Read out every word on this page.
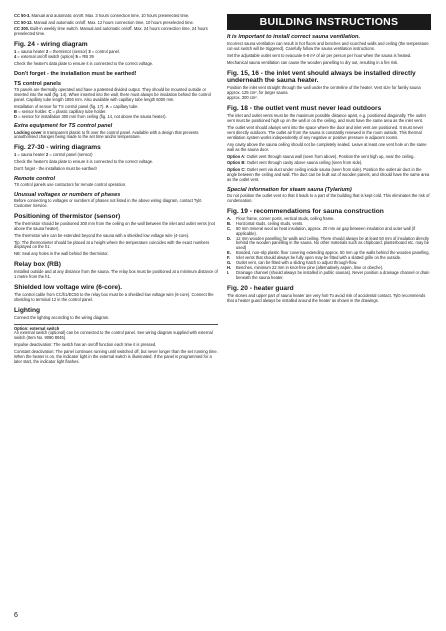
CC 50-3. Manual and automatic on/off. Max. 3 hours connection time, 10 hours preselected time.

CC 50-12. Manual and automatic on/off. Max. 12 hours connection time, 10 hours preselected time.

CC 300. Built-in weekly time switch. Manual and automatic on/off. Max. 24 hours connection time, 24 hours preselected time.

Fig. 24 - wiring diagram

1 = sauna heater 2 = thermistor (sensor) 3 = control panel.

4 = external on/off switch (option) 5 = RB 39

Check the heater's data plate to ensure it is connected to the correct voltage.

Don't forget - the installation must be earthed!
TS control panels

TS panels are thermally operated and have a patented divided output. They should be mounted outside or inserted into the wall (fig. 14). When inserted into the wall, there must always be insulation behind the control panel. Capillary tube length 1850 mm. Also available with capillary tube length 5000 mm.

Installation of sensor for TS control panel (fig. 17). A = capillary tube.

B = sensor holder. C = plastic capillary tube holder.

D = sensor for installation 300 mm from ceiling (fig. 14, not above the sauna heater).

Extra equipment for TS control panel

Locking cover in transparent plastic to fit over the control panel. Available with a design that prevents unauthorised changes being made to the set time and/or temperature.

Fig. 27-30 - wiring diagrams

1 = sauna heater 2 = control panel (sensor)

Check the heater's data plate to ensure it is connected to the correct voltage.

Don't forget - the installation must be earthed!

Remote control

TS control panels use contactors for remote control operation.

Unusual voltages or numbers of phases

Before connecting to voltages or numbers of phases not listed in the above wiring diagram, contact Tylö Customer Service.

Positioning of thermistor (sensor)

The thermistor should be positioned 300 mm from the ceiling on the wall between the inlet and outlet vents (not above the sauna heater).

The thermistor wire can be extended beyond the sauna with a shielded low voltage wire (4-core).

Tip: The thermometer should be placed at a height where the temperature coincides with the exact numbers displayed on the h1.

NB: Seal any holes in the wall behind the thermistor.

Relay box (RB)

Installed outside and at any distance from the sauna. The relay box must be positioned at a minimum distance of 1 metre from the h1.

Shielded low voltage wire (6-core).

The control cable from CC/h1/EC50 to the relay box must be a shielded low voltage wire (6-core). Connect the shielding to terminal 12 in the control panel.

Lighting

Connect the lighting according to the wiring diagram.

Option: external switch

An external switch (optional) can be connected to the control panel. See wiring diagram supplied with external switch (Item No. 9090 8045).

Impulse deactivation: The switch has an on/off function each time it is pressed.

Constant deactivation: The panel continues running until switched off, but never longer than the set running time.

When the heater is on, the indicator light in the external switch is illuminated. If the panel is programmed for a later start, the indicator light flashes.

BUILDING INSTRUCTIONS

It is important to install correct sauna ventilation.

Incorrect sauna ventilation can result in hot floors and benches and scorched walls and ceiling (the temperature cut-out switch will be triggered). Carefully follow the sauna ventilation instructions.

Set the adjustable outlet vent to evacuate 6-8 m³ of air per person per hour when the sauna is heated.

Mechanical sauna ventilation can cause the wooden panelling to dry out, resulting in a fire risk.

Fig. 15, 16 - the inlet vent should always be installed directly underneath the sauna heater.

Position the inlet vent straight through the wall under the centreline of the heater. Vent size for family sauna approx. 125 cm², for larger sauna

approx. 300 cm².

Fig. 18 - the outlet vent must never lead outdoors

The inlet and outlet vents must be the maximum possible distance apart, e.g. positioned diagonally. The outlet vent must be positioned high up on the wall or on the ceiling, and must have the same area as the inlet vent.

The outlet vent should always vent into the space where the door and inlet vent are positioned. It must never vent directly outdoors. The outlet air from the sauna is constantly renewed in the room outside. This thermal ventilation system works independently of any negative or positive pressure in adjacent rooms.

Any cavity above the sauna ceiling should not be completely sealed. Leave at least one vent hole on the same wall as the sauna door.

Option A: Outlet vent through sauna wall (seen from above). Position the vent high up, near the ceiling.

Option B: Outlet vent through cavity above sauna ceiling (seen from side).

Option C: Outlet vent via duct under ceiling inside sauna (seen from side). Position the outlet air duct in the angle between the ceiling and wall. The duct can be built out of wooden panels, and should have the same area as the outlet vent.

Special information for steam sauna (Tylarium)

Do not position the outlet vent so that it leads to a part of the building that is kept cold. This eliminates the risk of condensation.

Fig. 19 - recommendations for sauna construction
A.	Floor frame, corner posts, vertical studs, ceiling frame.
B.	Horizontal studs, ceiling studs, vents.
C.	50 mm mineral wool as heat insulation, approx. 20 mm air gap between insulation and outer wall (if applicable).
D.	12 mm wooden panelling for walls and ceiling. There should always be at least 50 mm of insulation directly behind the wooden panelling in the sauna. No other materials such as chipboard, plasterboard etc. may be used)
E.	Bonded, non-slip plastic floor covering extending approx. 50 mm up the walls behind the wooden panelling.
F.	Inlet vents that should always be fully open may be fitted with a slatted grille on the outside.
G.	Outlet vent, can be fitted with a sliding hatch to adjust through-flow.
H.	Benches, minimum 22 mm in knot-free pine (alternatively aspen, lime or obeche).
I.	Drainage channel (should always be installed in public saunas). Never position a drainage channel or drain beneath the sauna heater.
Fig. 20 - heater guard

The stones and upper part of sauna heater are very hot! To avoid risk of accidental contact, Tylö recommends that a heater guard always be installed around the heater as shown in the drawings.

6
